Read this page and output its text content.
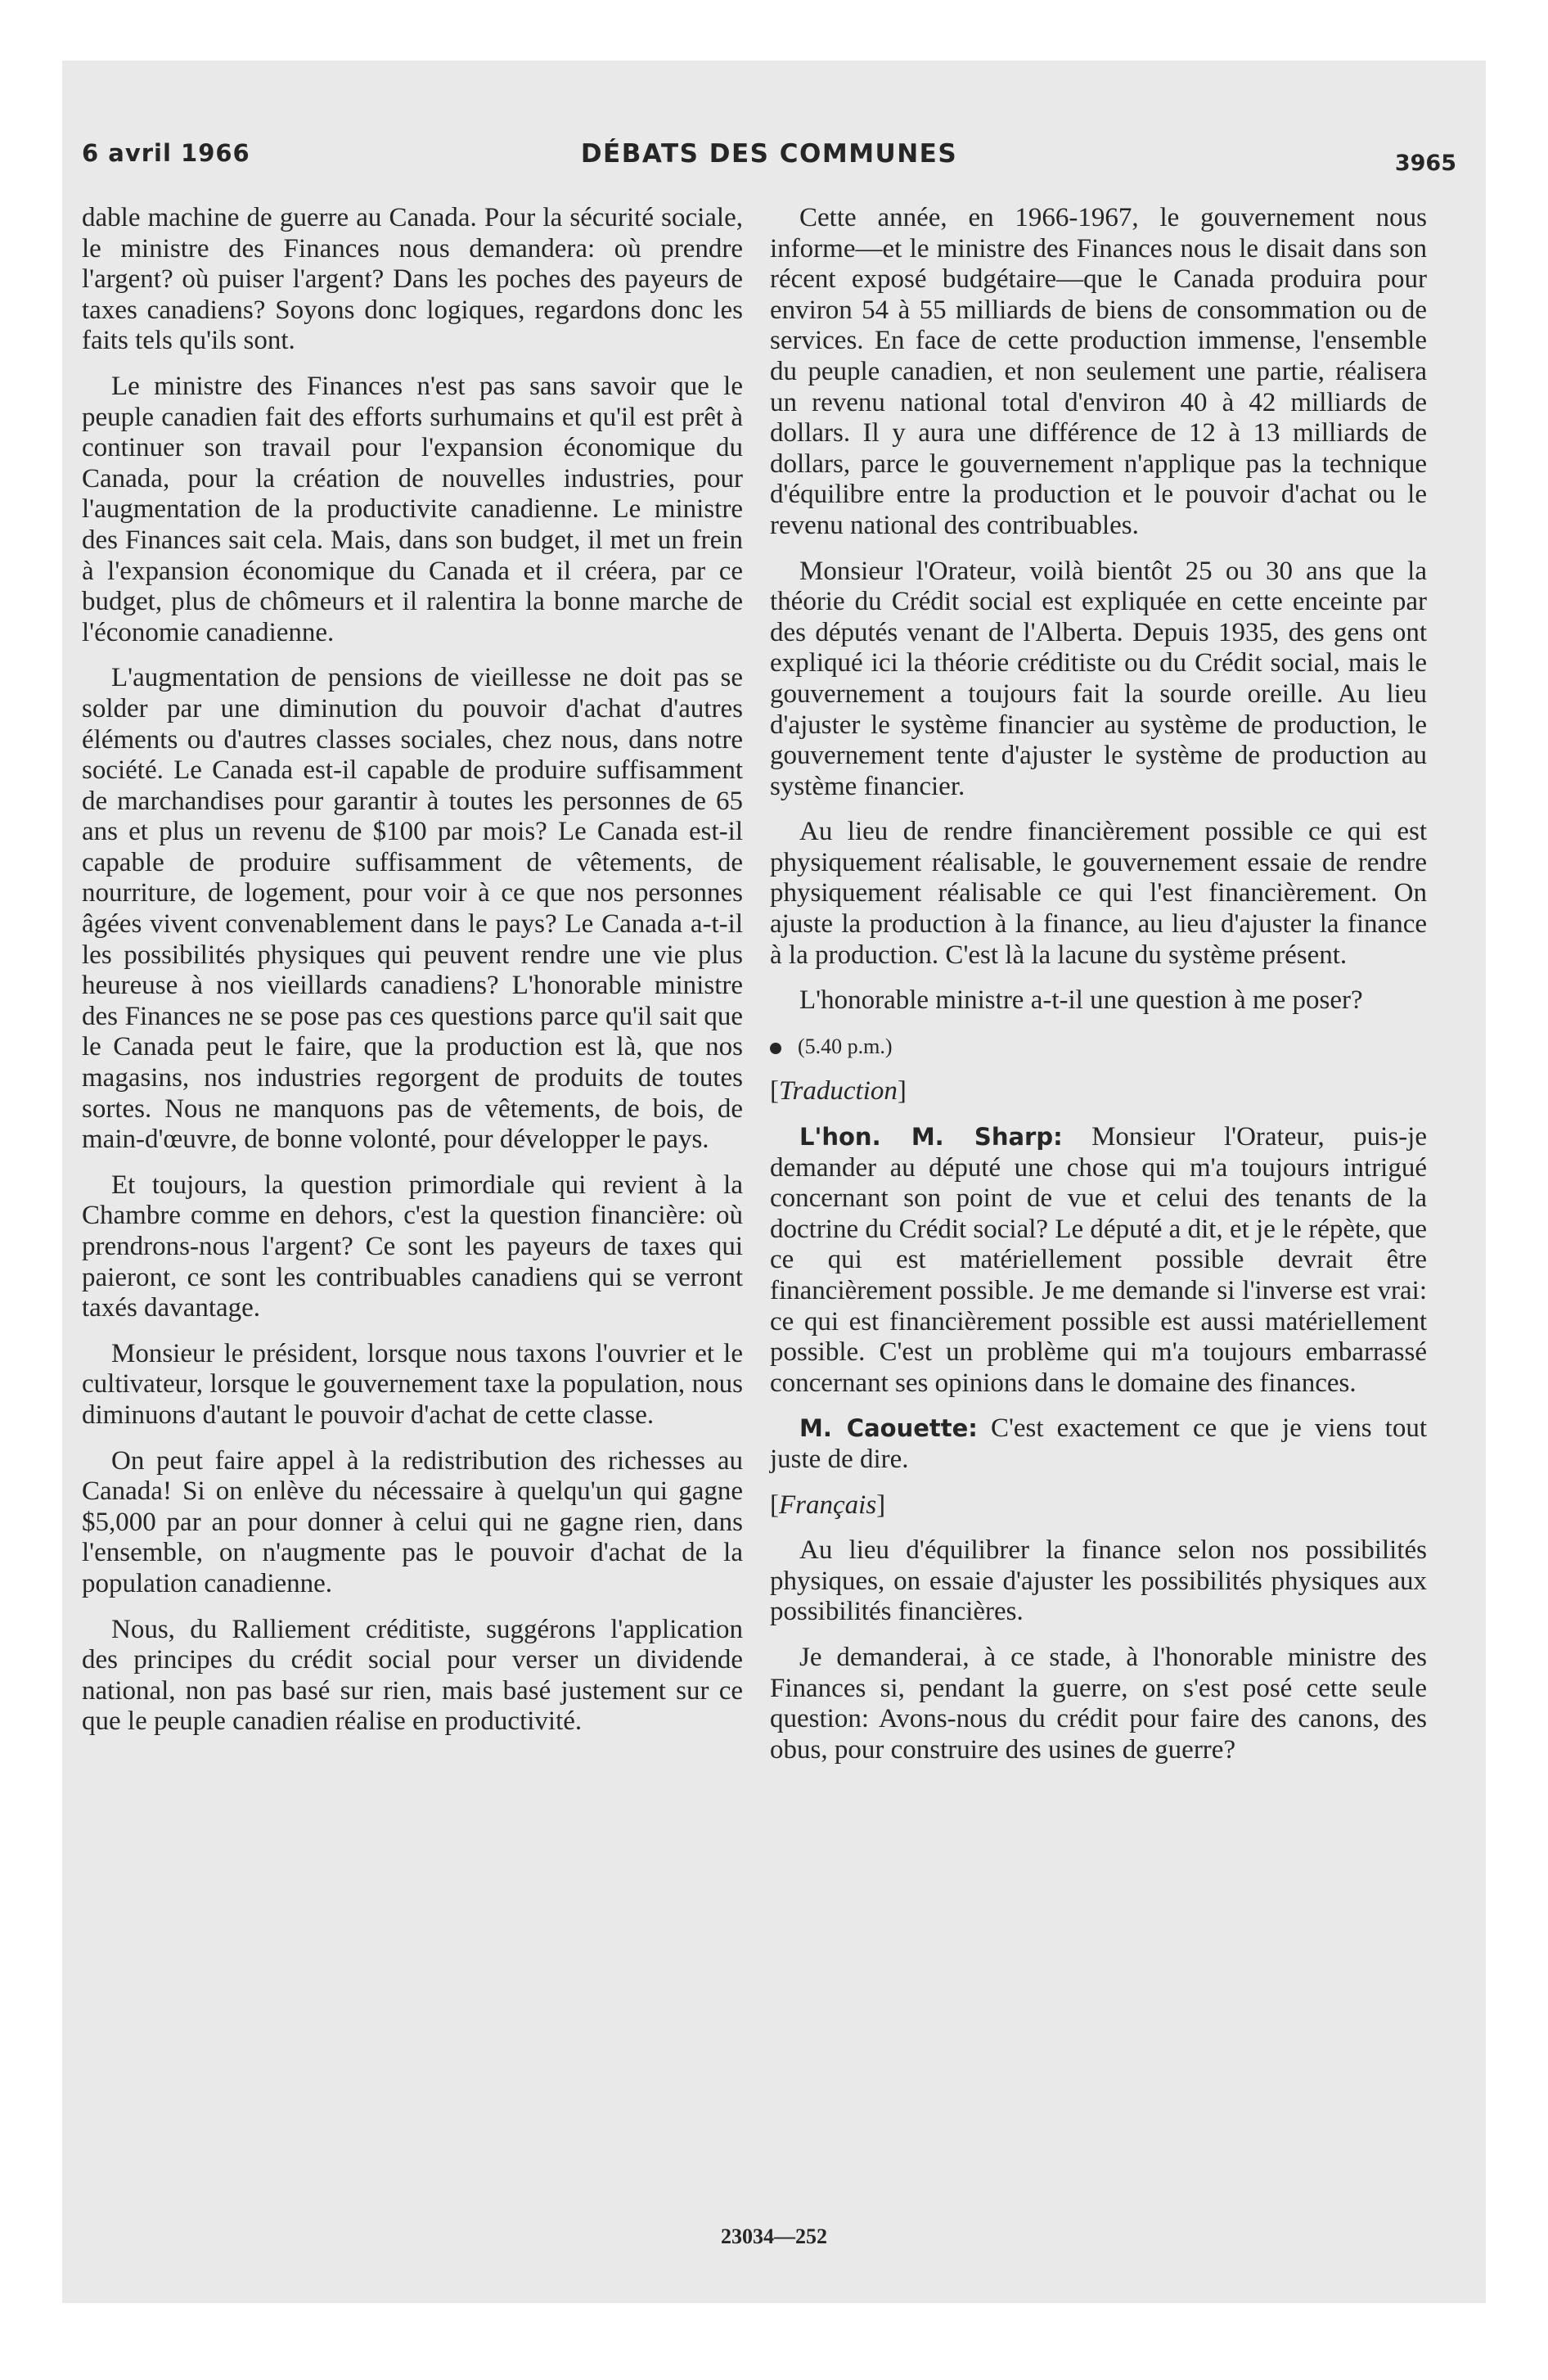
6 avril 1966	DÉBATS DES COMMUNES	3965

dable machine de guerre au Canada. Pour la sécurité sociale, le ministre des Finances nous demandera: où prendre l'argent? où puiser l'argent? Dans les poches des payeurs de taxes canadiens? Soyons donc logiques, regardons donc les faits tels qu'ils sont.

Le ministre des Finances n'est pas sans savoir que le peuple canadien fait des efforts surhumains et qu'il est prêt à continuer son travail pour l'expansion économique du Canada, pour la création de nouvelles industries, pour l'augmentation de la productivite canadienne. Le ministre des Finances sait cela. Mais, dans son budget, il met un frein à l'expansion économique du Canada et il créera, par ce budget, plus de chômeurs et il ralentira la bonne marche de l'économie canadienne.

L'augmentation de pensions de vieillesse ne doit pas se solder par une diminution du pouvoir d'achat d'autres éléments ou d'autres classes sociales, chez nous, dans notre société. Le Canada est-il capable de produire suffisamment de marchandises pour garantir à toutes les personnes de 65 ans et plus un revenu de $100 par mois? Le Canada est-il capable de produire suffisamment de vêtements, de nourriture, de logement, pour voir à ce que nos personnes âgées vivent convenablement dans le pays? Le Canada a-t-il les possibilités physiques qui peuvent rendre une vie plus heureuse à nos vieillards canadiens? L'honorable ministre des Finances ne se pose pas ces questions parce qu'il sait que le Canada peut le faire, que la production est là, que nos magasins, nos industries regorgent de produits de toutes sortes. Nous ne manquons pas de vêtements, de bois, de main-d'œuvre, de bonne volonté, pour développer le pays.

Et toujours, la question primordiale qui revient à la Chambre comme en dehors, c'est la question financière: où prendrons-nous l'argent? Ce sont les payeurs de taxes qui paieront, ce sont les contribuables canadiens qui se verront taxés davantage.

Monsieur le président, lorsque nous taxons l'ouvrier et le cultivateur, lorsque le gouvernement taxe la population, nous diminuons d'autant le pouvoir d'achat de cette classe.

On peut faire appel à la redistribution des richesses au Canada! Si on enlève du nécessaire à quelqu'un qui gagne $5,000 par an pour donner à celui qui ne gagne rien, dans l'ensemble, on n'augmente pas le pouvoir d'achat de la population canadienne.

Nous, du Ralliement créditiste, suggérons l'application des principes du crédit social pour verser un dividende national, non pas basé sur rien, mais basé justement sur ce que le peuple canadien réalise en productivité.

Cette année, en 1966-1967, le gouvernement nous informe—et le ministre des Finances nous le disait dans son récent exposé budgétaire—que le Canada produira pour environ 54 à 55 milliards de biens de consommation ou de services. En face de cette production immense, l'ensemble du peuple canadien, et non seulement une partie, réalisera un revenu national total d'environ 40 à 42 milliards de dollars. Il y aura une différence de 12 à 13 milliards de dollars, parce le gouvernement n'applique pas la technique d'équilibre entre la production et le pouvoir d'achat ou le revenu national des contribuables.

Monsieur l'Orateur, voilà bientôt 25 ou 30 ans que la théorie du Crédit social est expliquée en cette enceinte par des députés venant de l'Alberta. Depuis 1935, des gens ont expliqué ici la théorie créditiste ou du Crédit social, mais le gouvernement a toujours fait la sourde oreille. Au lieu d'ajuster le système financier au système de production, le gouvernement tente d'ajuster le système de production au système financier.

Au lieu de rendre financièrement possible ce qui est physiquement réalisable, le gouvernement essaie de rendre physiquement réalisable ce qui l'est financièrement. On ajuste la production à la finance, au lieu d'ajuster la finance à la production. C'est là la lacune du système présent.

L'honorable ministre a-t-il une question à me poser?

(5.40 p.m.)

[Traduction]

L'hon. M. Sharp: Monsieur l'Orateur, puis-je demander au député une chose qui m'a toujours intrigué concernant son point de vue et celui des tenants de la doctrine du Crédit social? Le député a dit, et je le répète, que ce qui est matériellement possible devrait être financièrement possible. Je me demande si l'inverse est vrai: ce qui est financièrement possible est aussi matériellement possible. C'est un problème qui m'a toujours embarrassé concernant ses opinions dans le domaine des finances.

M. Caouette: C'est exactement ce que je viens tout juste de dire.

[Français]

Au lieu d'équilibrer la finance selon nos possibilités physiques, on essaie d'ajuster les possibilités physiques aux possibilités financières.

Je demanderai, à ce stade, à l'honorable ministre des Finances si, pendant la guerre, on s'est posé cette seule question: Avons-nous du crédit pour faire des canons, des obus, pour construire des usines de guerre?

23034—252
